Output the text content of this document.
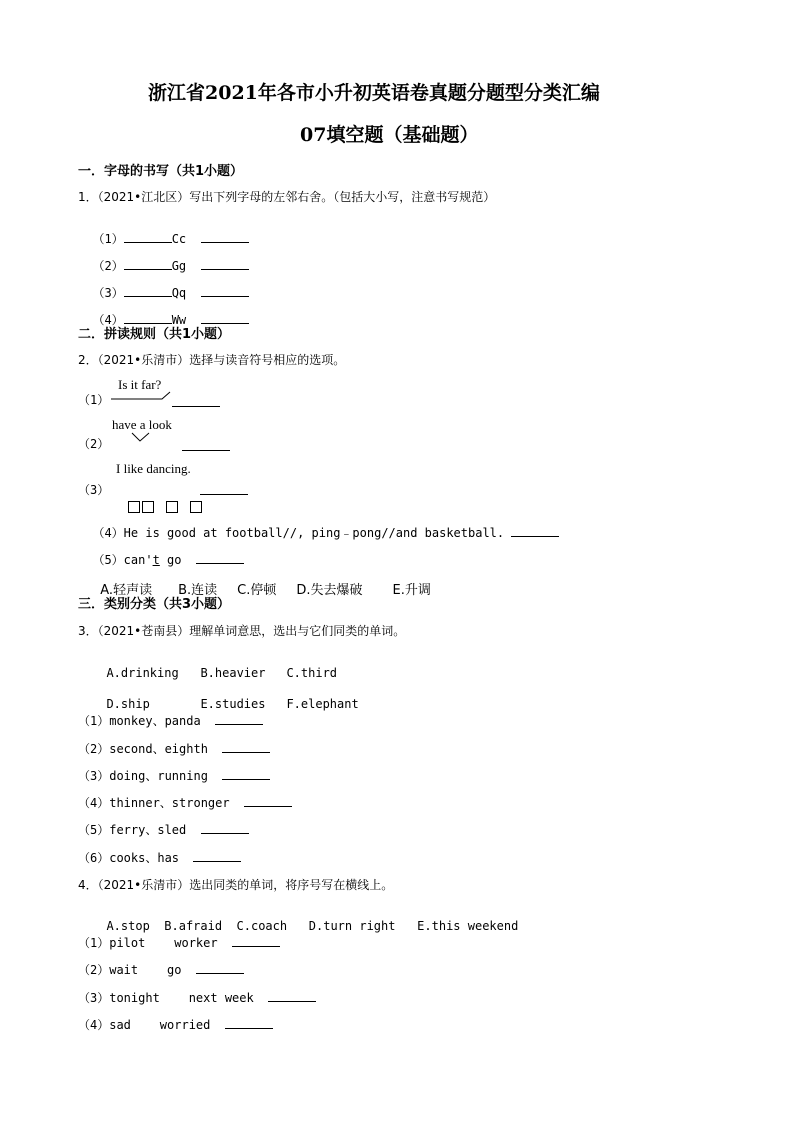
浙江省2021年各市小升初英语卷真题分题型分类汇编
07填空题（基础题）
一．字母的书写（共1小题）
1．（2021•江北区）写出下列字母的左邻右舍。（包括大小写，注意书写规范）

（1）	Cc

（2）	Gg

（3）	Qq

（4）	Ww

二．拼读规则（共1小题）
2．（2021•乐清市）选择与读音符号相应的选项。
Is it far?
（1）
have a look
（2）
I like dancing.
（3）

（4）He is good at football//, ping﹣pong//and basketball.

（5）can't go

A.轻声读 B.连读 C.停顿 D.失去爆破 E.升调

三．类别分类（共3小题）
3．（2021•苍南县）理解单词意思，选出与它们同类的单词。

A.drinking B.heavier C.third

D.ship	E.studies F.elephant

（1）monkey、panda
（2）second、eighth
（3）doing、running
（4）thinner、stronger
（5）ferry、sled
（6）cooks、has
4．（2021•乐清市）选出同类的单词，将序号写在横线上。

A.stop B.afraid C.coach D.turn right E.this weekend

（1）pilot    worker
（2）wait    go
（3）tonight    next week
（4）sad    worried
